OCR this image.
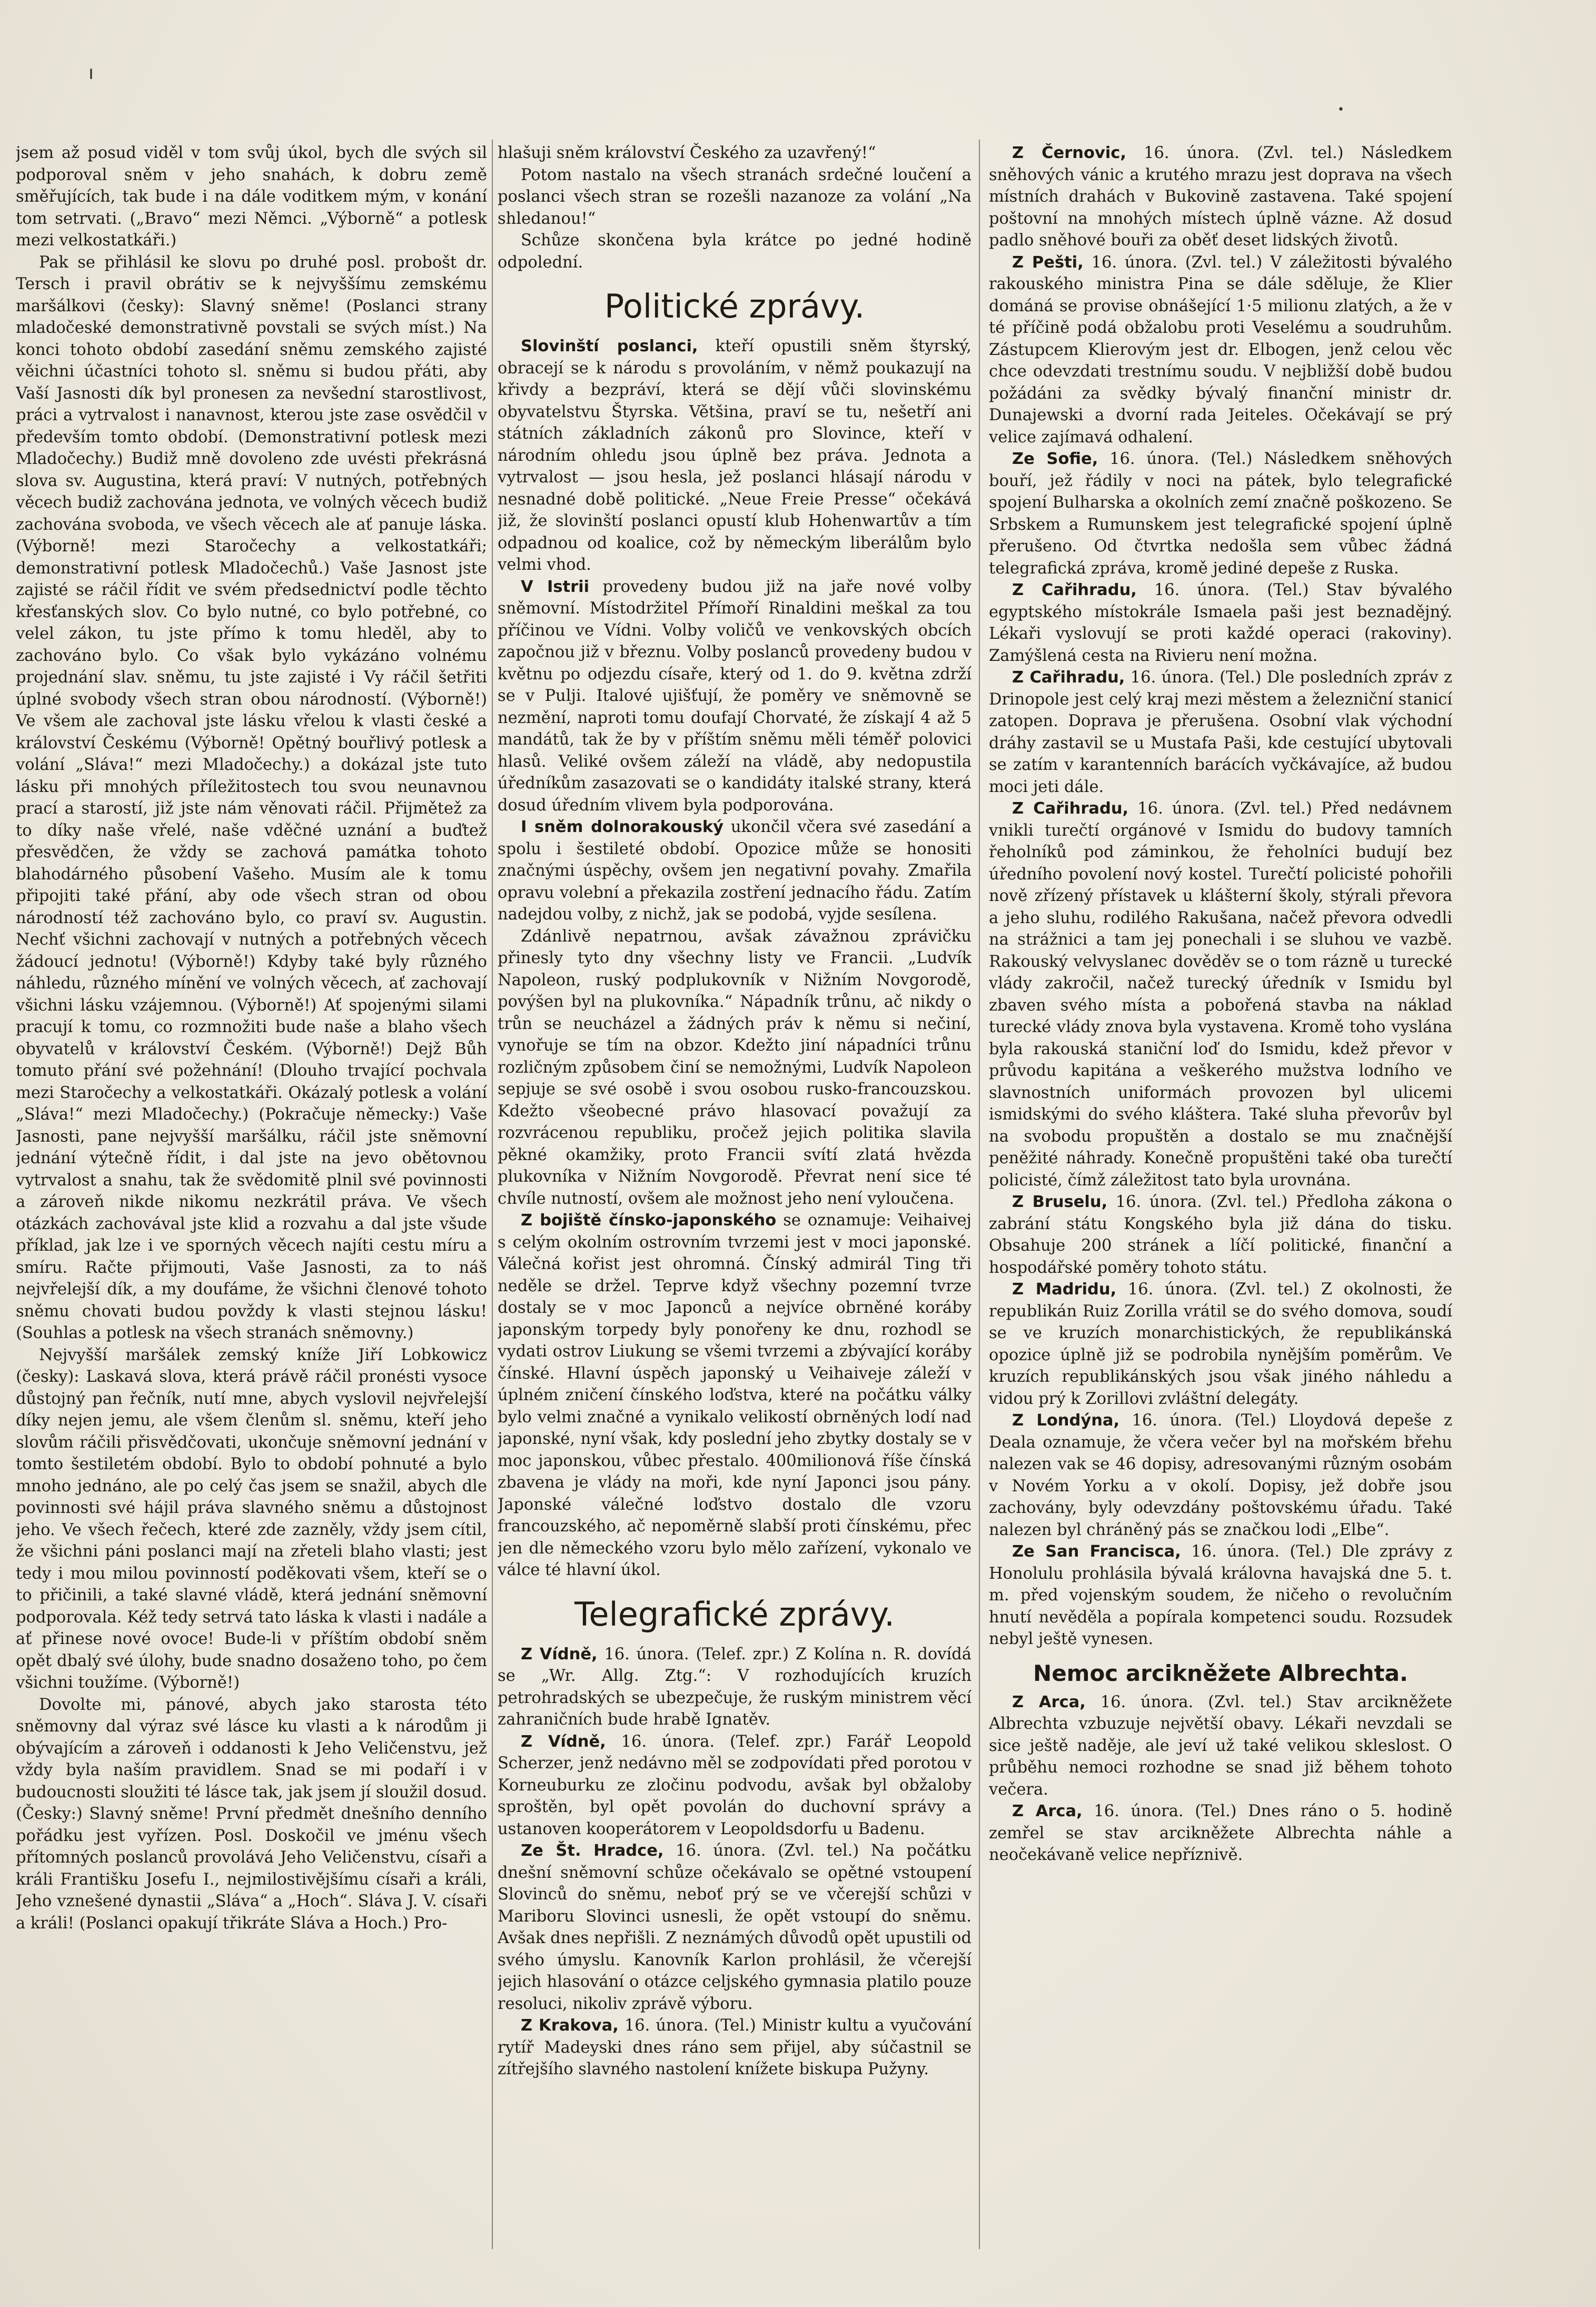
ı
•

jsem až posud viděl v tom svůj úkol, bych dle svých sil podporoval sněm v jeho snahách, k dobru země směřujících, tak bude i na dále voditkem mým, v konání tom setrvati. („Bravo“ mezi Němci. „Výborně“ a potlesk mezi velkostatkáři.)

Pak se přihlásil ke slovu po druhé posl. probošt dr. Tersch i pravil obrátiv se k nejvyššímu zemskému maršálkovi (česky): Slavný sněme! (Poslanci strany mladočeské demonstrativně povstali se svých míst.) Na konci tohoto období zasedání sněmu zemského zajisté věichni účastníci tohoto sl. sněmu si budou přáti, aby Vaší Jasnosti dík byl pronesen za nevšední starostlivost, práci a vytrvalost i nanavnost, kterou jste zase osvědčil v především tomto období. (Demonstrativní potlesk mezi Mladočechy.) Budiž mně dovoleno zde uvésti překrásná slova sv. Augustina, která praví: V nutných, potřebných věcech budiž zachována jednota, ve volných věcech budiž zachována svoboda, ve všech věcech ale ať panuje láska. (Výborně! mezi Staročechy a velkostatkáři; demonstrativní potlesk Mladočechů.) Vaše Jasnost jste zajisté se ráčil řídit ve svém předsednictví podle těchto křesťanských slov. Co bylo nutné, co bylo potřebné, co velel zákon, tu jste přímo k tomu hleděl, aby to zachováno bylo. Co však bylo vykázáno volnému projednání slav. sněmu, tu jste zajisté i Vy ráčil šetřiti úplné svobody všech stran obou národností. (Výborně!) Ve všem ale zachoval jste lásku vřelou k vlasti české a království Českému (Výborně! Opětný bouřlivý potlesk a volání „Sláva!“ mezi Mladočechy.) a dokázal jste tuto lásku při mnohých příležitostech tou svou neunavnou prací a starostí, již jste nám věnovati ráčil. Přijmětež za to díky naše vřelé, naše vděčné uznání a buďtež přesvědčen, že vždy se zachová památka tohoto blahodárného působení Vašeho. Musím ale k tomu připojiti také přání, aby ode všech stran od obou národností též zachováno bylo, co praví sv. Augustin. Nechť všichni zachovají v nutných a potřebných věcech žádoucí jednotu! (Výborně!) Kdyby také byly různého náhledu, různého mínění ve volných věcech, ať zachovají všichni lásku vzájemnou. (Výborně!) Ať spojenými silami pracují k tomu, co rozmnožiti bude naše a blaho všech obyvatelů v království Českém. (Výborně!) Dejž Bůh tomuto přání své požehnání! (Dlouho trvající pochvala mezi Staročechy a velkostatkáři. Okázalý potlesk a volání „Sláva!“ mezi Mladočechy.) (Pokračuje německy:) Vaše Jasnosti, pane nejvyšší maršálku, ráčil jste sněmovní jednání výtečně řídit, i dal jste na jevo obětovnou vytrvalost a snahu, tak že svědomitě plnil své povinnosti a zároveň nikde nikomu nezkrátil práva. Ve všech otázkách zachovával jste klid a rozvahu a dal jste všude příklad, jak lze i ve sporných věcech najíti cestu míru a smíru. Račte přijmouti, Vaše Jasnosti, za to náš nejvřelejší dík, a my doufáme, že všichni členové tohoto sněmu chovati budou povždy k vlasti stejnou lásku! (Souhlas a potlesk na všech stranách sněmovny.)

Nejvyšší maršálek zemský kníže Jiří Lobkowicz (česky): Laskavá slova, která právě ráčil pronésti vysoce důstojný pan řečník, nutí mne, abych vyslovil nejvřelejší díky nejen jemu, ale všem členům sl. sněmu, kteří jeho slovům ráčili přisvědčovati, ukončuje sněmovní jednání v tomto šestiletém období. Bylo to období pohnuté a bylo mnoho jednáno, ale po celý čas jsem se snažil, abych dle povinnosti své hájil práva slavného sněmu a důstojnost jeho. Ve všech řečech, které zde zazněly, vždy jsem cítil, že všichni páni poslanci mají na zřeteli blaho vlasti; jest tedy i mou milou povinností poděkovati všem, kteří se o to přičinili, a také slavné vládě, která jednání sněmovní podporovala. Kéž tedy setrvá tato láska k vlasti i nadále a ať přinese nové ovoce! Bude-li v příštím období sněm opět dbalý své úlohy, bude snadno dosaženo toho, po čem všichni toužíme. (Výborně!)

Dovolte mi, pánové, abych jako starosta této sněmovny dal výraz své lásce ku vlasti a k národům ji obývajícím a zároveň i oddanosti k Jeho Veličenstvu, jež vždy byla naším pravidlem. Snad se mi podaří i v budoucnosti sloužiti té lásce tak, jak jsem jí sloužil dosud. (Česky:) Slavný sněme! První předmět dnešního denního pořádku jest vyřízen. Posl. Doskočil ve jménu všech přítomných poslanců provolává Jeho Veličenstvu, císaři a králi Františku Josefu I., nejmilostivějšímu císaři a králi, Jeho vznešené dynastii „Sláva“ a „Hoch“. Sláva J. V. císaři a králi! (Poslanci opakují třikráte Sláva a Hoch.) Pro-

hlašuji sněm království Českého za uzavřený!“

Potom nastalo na všech stranách srdečné loučení a poslanci všech stran se rozešli nazanoze za volání „Na shledanou!“

Schůze skončena byla krátce po jedné hodině odpolední.

Politické zprávy.

Slovinští poslanci, kteří opustili sněm štyrský, obracejí se k národu s provoláním, v němž poukazují na křivdy a bezpráví, která se dějí vůči slovinskému obyvatelstvu Štyrska. Většina, praví se tu, nešetří ani státních základních zákonů pro Slovince, kteří v národním ohledu jsou úplně bez práva. Jednota a vytrvalost — jsou hesla, jež poslanci hlásají národu v nesnadné době politické. „Neue Freie Presse“ očekává již, že slovinští poslanci opustí klub Hohenwartův a tím odpadnou od koalice, což by německým liberálům bylo velmi vhod.

V Istrii provedeny budou již na jaře nové volby sněmovní. Místodržitel Přímoří Rinaldini meškal za tou příčinou ve Vídni. Volby voličů ve venkovských obcích započnou již v březnu. Volby poslanců provedeny budou v květnu po odjezdu císaře, který od 1. do 9. května zdrží se v Pulji. Italové ujišťují, že poměry ve sněmovně se nezmění, naproti tomu doufají Chorvaté, že získají 4 až 5 mandátů, tak že by v příštím sněmu měli téměř polovici hlasů. Veliké ovšem záleží na vládě, aby nedopustila úředníkům zasazovati se o kandidáty italské strany, která dosud úředním vlivem byla podporována.

I sněm dolnorakouský ukončil včera své zasedání a spolu i šestileté období. Opozice může se honositi značnými úspěchy, ovšem jen negativní povahy. Zmařila opravu volební a překazila zostření jednacího řádu. Zatím nadejdou volby, z nichž, jak se podobá, vyjde sesílena.

Zdánlivě nepatrnou, avšak závažnou zprávičku přinesly tyto dny všechny listy ve Francii. „Ludvík Napoleon, ruský podplukovník v Nižním Novgorodě, povýšen byl na plukovníka.“ Nápadník trůnu, ač nikdy o trůn se neucházel a žádných práv k němu si nečiní, vynořuje se tím na obzor. Kdežto jiní nápadníci trůnu rozličným způsobem činí se nemožnými, Ludvík Napoleon sepjuje se své osobě i svou osobou rusko-francouzskou. Kdežto všeobecné právo hlasovací považují za rozvrácenou republiku, pročež jejich politika slavila pěkné okamžiky, proto Francii svítí zlatá hvězda plukovníka v Nižním Novgorodě. Převrat není sice té chvíle nutností, ovšem ale možnost jeho není vyloučena.

Z bojiště čínsko-japonského se oznamuje: Veihaivej s celým okolním ostrovním tvrzemi jest v moci japonské. Válečná kořist jest ohromná. Čínský admirál Ting tři neděle se držel. Teprve když všechny pozemní tvrze dostaly se v moc Japonců a nejvíce obrněné koráby japonským torpedy byly ponořeny ke dnu, rozhodl se vydati ostrov Liukung se všemi tvrzemi a zbývající koráby čínské. Hlavní úspěch japonský u Veihaiveje záleží v úplném zničení čínského loďstva, které na počátku války bylo velmi značné a vynikalo velikostí obrněných lodí nad japonské, nyní však, kdy poslední jeho zbytky dostaly se v moc japonskou, vůbec přestalo. 400milionová říše čínská zbavena je vlády na moři, kde nyní Japonci jsou pány. Japonské válečné loďstvo dostalo dle vzoru francouzského, ač nepoměrně slabší proti čínskému, přec jen dle německého vzoru bylo mělo zařízení, vykonalo ve válce té hlavní úkol.

Telegrafické zprávy.

Z Vídně, 16. února. (Telef. zpr.) Z Kolína n. R. dovídá se „Wr. Allg. Ztg.“: V rozhodujících kruzích petrohradských se ubezpečuje, že ruským ministrem věcí zahraničních bude hrabě Ignatěv.

Z Vídně, 16. února. (Telef. zpr.) Farář Leopold Scherzer, jenž nedávno měl se zodpovídati před porotou v Korneuburku ze zločinu podvodu, avšak byl obžaloby sproštěn, byl opět povolán do duchovní správy a ustanoven kooperátorem v Leopoldsdorfu u Badenu.

Ze Št. Hradce, 16. února. (Zvl. tel.) Na počátku dnešní sněmovní schůze očekávalo se opětné vstoupení Slovinců do sněmu, neboť prý se ve včerejší schůzi v Mariboru Slovinci usnesli, že opět vstoupí do sněmu. Avšak dnes nepřišli. Z neznámých důvodů opět upustili od svého úmyslu. Kanovník Karlon prohlásil, že včerejší jejich hlasování o otázce celjského gymnasia platilo pouze resoluci, nikoliv zprávě výboru.

Z Krakova, 16. února. (Tel.) Ministr kultu a vyučování rytíř Madeyski dnes ráno sem přijel, aby súčastnil se zítřejšího slavného nastolení knížete biskupa Pužyny.

Z Černovic, 16. února. (Zvl. tel.) Následkem sněhových vánic a krutého mrazu jest doprava na všech místních drahách v Bukovině zastavena. Také spojení poštovní na mnohých místech úplně vázne. Až dosud padlo sněhové bouři za oběť deset lidských životů.

Z Pešti, 16. února. (Zvl. tel.) V záležitosti bývalého rakouského ministra Pina se dále sděluje, že Klier dománá se provise obnášející 1·5 milionu zlatých, a že v té příčině podá obžalobu proti Veselému a soudruhům. Zástupcem Klierovým jest dr. Elbogen, jenž celou věc chce odevzdati trestnímu soudu. V nejbližší době budou požádáni za svědky bývalý finanční ministr dr. Dunajewski a dvorní rada Jeiteles. Očekávají se prý velice zajímavá odhalení.

Ze Sofie, 16. února. (Tel.) Následkem sněhových bouří, jež řádily v noci na pátek, bylo telegrafické spojení Bulharska a okolních zemí značně poškozeno. Se Srbskem a Rumunskem jest telegrafické spojení úplně přerušeno. Od čtvrtka nedošla sem vůbec žádná telegrafická zpráva, kromě jediné depeše z Ruska.

Z Cařihradu, 16. února. (Tel.) Stav bývalého egyptského místokrále Ismaela paši jest beznadějný. Lékaři vyslovují se proti každé operaci (rakoviny). Zamýšlená cesta na Rivieru není možna.

Z Cařihradu, 16. února. (Tel.) Dle posledních zpráv z Drinopole jest celý kraj mezi městem a železniční stanicí zatopen. Doprava je přerušena. Osobní vlak východní dráhy zastavil se u Mustafa Paši, kde cestující ubytovali se zatím v karantenních barácích vyčkávajíce, až budou moci jeti dále.

Z Cařihradu, 16. února. (Zvl. tel.) Před nedávnem vnikli turečtí orgánové v Ismidu do budovy tamních řeholníků pod záminkou, že řeholníci budují bez úředního povolení nový kostel. Turečtí policisté pohořili nově zřízený přístavek u klášterní školy, stýrali převora a jeho sluhu, rodilého Rakušana, načež převora odvedli na strážnici a tam jej ponechali i se sluhou ve vazbě. Rakouský velvyslanec dověděv se o tom rázně u turecké vlády zakročil, načež turecký úředník v Ismidu byl zbaven svého místa a pobořená stavba na náklad turecké vlády znova byla vystavena. Kromě toho vyslána byla rakouská staniční loď do Ismidu, kdež převor v průvodu kapitána a veškerého mužstva lodního ve slavnostních uniformách provozen byl ulicemi ismidskými do svého kláštera. Také sluha převorův byl na svobodu propuštěn a dostalo se mu značnější peněžité náhrady. Konečně propuštěni také oba turečtí policisté, čímž záležitost tato byla urovnána.

Z Bruselu, 16. února. (Zvl. tel.) Předloha zákona o zabrání státu Kongského byla již dána do tisku. Obsahuje 200 stránek a líčí politické, finanční a hospodářské poměry tohoto státu.

Z Madridu, 16. února. (Zvl. tel.) Z okolnosti, že republikán Ruiz Zorilla vrátil se do svého domova, soudí se ve kruzích monarchistických, že republikánská opozice úplně již se podrobila nynějším poměrům. Ve kruzích republikánských jsou však jiného náhledu a vidou prý k Zorillovi zvláštní delegáty.

Z Londýna, 16. února. (Tel.) Lloydová depeše z Deala oznamuje, že včera večer byl na mořském břehu nalezen vak se 46 dopisy, adresovanými různým osobám v Novém Yorku a v okolí. Dopisy, jež dobře jsou zachovány, byly odevzdány poštovskému úřadu. Také nalezen byl chráněný pás se značkou lodi „Elbe“.

Ze San Francisca, 16. února. (Tel.) Dle zprávy z Honolulu prohlásila bývalá královna havajská dne 5. t. m. před vojenským soudem, že ničeho o revolučním hnutí nevěděla a popírala kompetenci soudu. Rozsudek nebyl ještě vynesen.

Nemoc arcikněžete Albrechta.

Z Arca, 16. února. (Zvl. tel.) Stav arcikněžete Albrechta vzbuzuje největší obavy. Lékaři nevzdali se sice ještě naděje, ale jeví už také velikou skleslost. O průběhu nemoci rozhodne se snad již během tohoto večera.

Z Arca, 16. února. (Tel.) Dnes ráno o 5. hodině zemřel se stav arcikněžete Albrechta náhle a neočekávaně velice nepříznivě.
